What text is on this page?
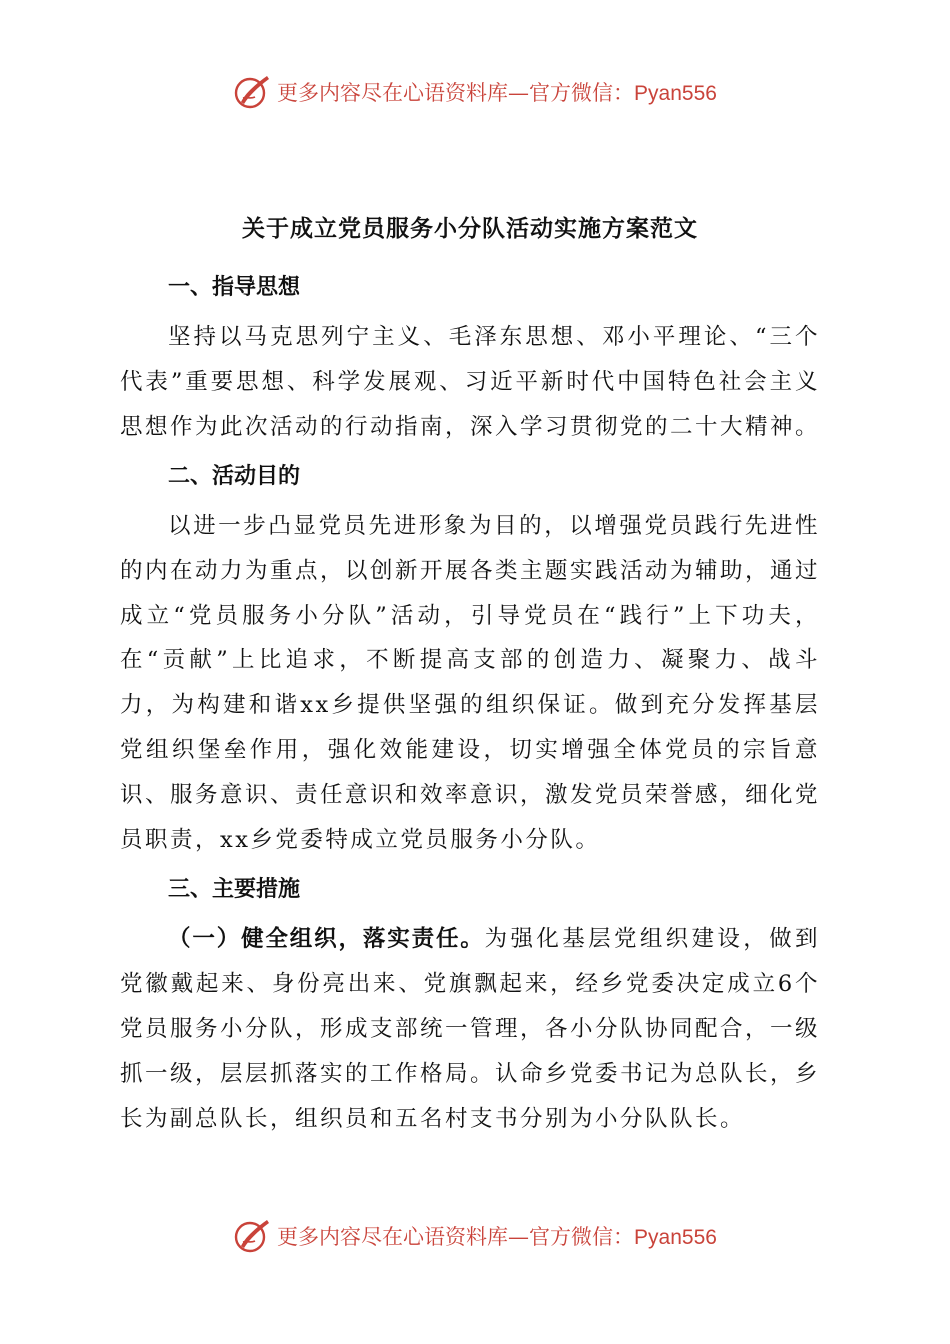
更多内容尽在心语资料库—官方微信：Pyan556
关于成立党员服务小分队活动实施方案范文
一、指导思想

坚持以马克思列宁主义、毛泽东思想、邓小平理论、“三个代表”重要思想、科学发展观、习近平新时代中国特色社会主义思想作为此次活动的行动指南，深入学习贯彻党的二十大精神。

二、活动目的

以进一步凸显党员先进形象为目的，以增强党员践行先进性的内在动力为重点，以创新开展各类主题实践活动为辅助，通过成立“党员服务小分队”活动，引导党员在“践行”上下功夫，在“贡献”上比追求，不断提高支部的创造力、凝聚力、战斗力，为构建和谐xx乡提供坚强的组织保证。做到充分发挥基层党组织堡垒作用，强化效能建设，切实增强全体党员的宗旨意识、服务意识、责任意识和效率意识，激发党员荣誉感，细化党员职责，xx乡党委特成立党员服务小分队。

三、主要措施

（一）健全组织，落实责任。为强化基层党组织建设，做到党徽戴起来、身份亮出来、党旗飘起来，经乡党委决定成立6个党员服务小分队，形成支部统一管理，各小分队协同配合，一级抓一级，层层抓落实的工作格局。认命乡党委书记为总队长，乡长为副总队长，组织员和五名村支书分别为小分队队长。

更多内容尽在心语资料库—官方微信：Pyan556
